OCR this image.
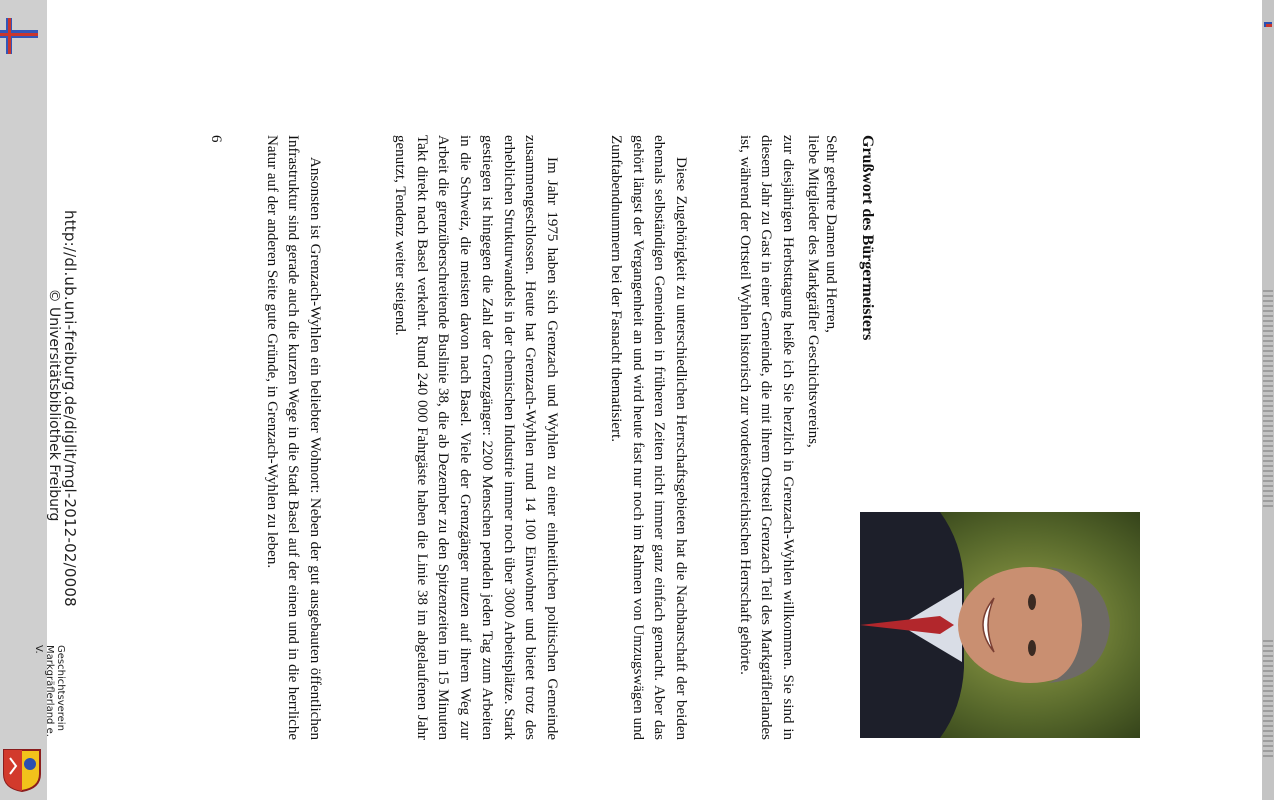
Grußwort des Bürgermeisters
Sehr geehrte Damen und Herren,
liebe Mitglieder des Markgräfler Geschichtsvereins,
zur diesjährigen Herbsttagung heiße ich Sie herzlich in Grenzach-Wyhlen willkommen. Sie sind in diesem Jahr zu Gast in einer Gemeinde, die mit ihrem Ortsteil Grenzach Teil des Markgräflerlandes ist, während der Ortsteil Wyhlen historisch zur vorderösterreichischen Herrschaft gehörte.
Diese Zugehörigkeit zu unterschiedlichen Herrschaftsgebieten hat die Nachbarschaft der beiden ehemals selbständigen Gemeinden in früheren Zeiten nicht immer ganz einfach gemacht. Aber das gehört längst der Vergangenheit an und wird heute fast nur noch im Rahmen von Umzugswägen und Zunftabendnummern bei der Fasnacht thematisiert.
Im Jahr 1975 haben sich Grenzach und Wyhlen zu einer einheitlichen politischen Gemeinde zusammengeschlossen. Heute hat Grenzach-Wyhlen rund 14 100 Einwohner und bietet trotz des erheblichen Strukturwandels in der chemischen Industrie immer noch über 3000 Arbeitsplätze. Stark gestiegen ist hingegen die Zahl der Grenzgänger: 2200 Menschen pendeln jeden Tag zum Arbeiten in die Schweiz, die meisten davon nach Basel. Viele der Grenzgänger nutzen auf ihrem Weg zur Arbeit die grenzüberschreitende Buslinie 38, die ab Dezember zu den Spitzenzeiten im 15 Minuten Takt direkt nach Basel verkehrt. Rund 240 000 Fahrgäste haben die Linie 38 im abgelaufenen Jahr genutzt, Tendenz weiter steigend.
Ansonsten ist Grenzach-Wyhlen ein beliebter Wohnort: Neben der gut ausgebauten öffentlichen Infrastruktur sind gerade auch die kurzen Wege in die Stadt Basel auf der einen und in die herrliche Natur auf der anderen Seite gute Gründe, in Grenzach-Wyhlen zu leben.
6
http://dl.ub.uni-freiburg.de/diglit/mgl-2012-02/0008
© Universitätsbibliothek Freiburg
Geschichtsverein
Markgräflerland e. V.
